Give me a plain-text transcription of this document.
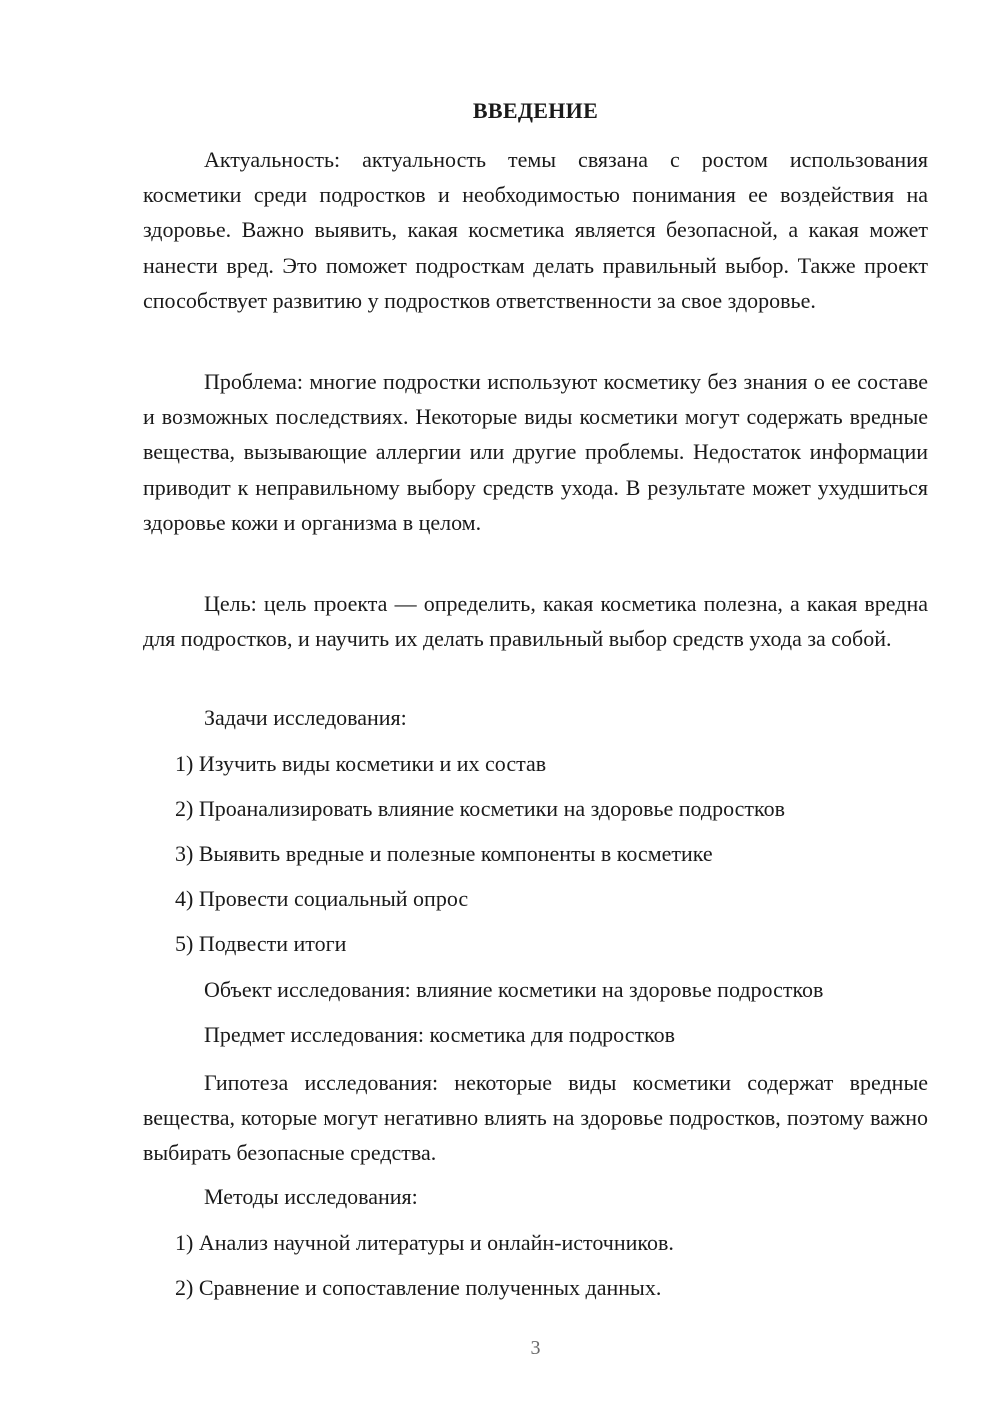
ВВЕДЕНИЕ

Актуальность: актуальность темы связана с ростом использования косметики среди подростков и необходимостью понимания ее воздействия на здоровье. Важно выявить, какая косметика является безопасной, а какая может нанести вред. Это поможет подросткам делать правильный выбор. Также проект способствует развитию у подростков ответственности за свое здоровье.

Проблема: многие подростки используют косметику без знания о ее составе и возможных последствиях. Некоторые виды косметики могут содержать вредные вещества, вызывающие аллергии или другие проблемы. Недостаток информации приводит к неправильному выбору средств ухода. В результате может ухудшиться здоровье кожи и организма в целом.

Цель: цель проекта — определить, какая косметика полезна, а какая вредна для подростков, и научить их делать правильный выбор средств ухода за собой.

Задачи исследования:
1) Изучить виды косметики и их состав
2) Проанализировать влияние косметики на здоровье подростков
3) Выявить вредные и полезные компоненты в косметике
4) Провести социальный опрос
5) Подвести итоги
Объект исследования: влияние косметики на здоровье подростков
Предмет исследования: косметика для подростков

Гипотеза исследования: некоторые виды косметики содержат вредные вещества, которые могут негативно влиять на здоровье подростков, поэтому важно выбирать безопасные средства.

Методы исследования:
1) Анализ научной литературы и онлайн-источников.
2) Сравнение и сопоставление полученных данных.
3
